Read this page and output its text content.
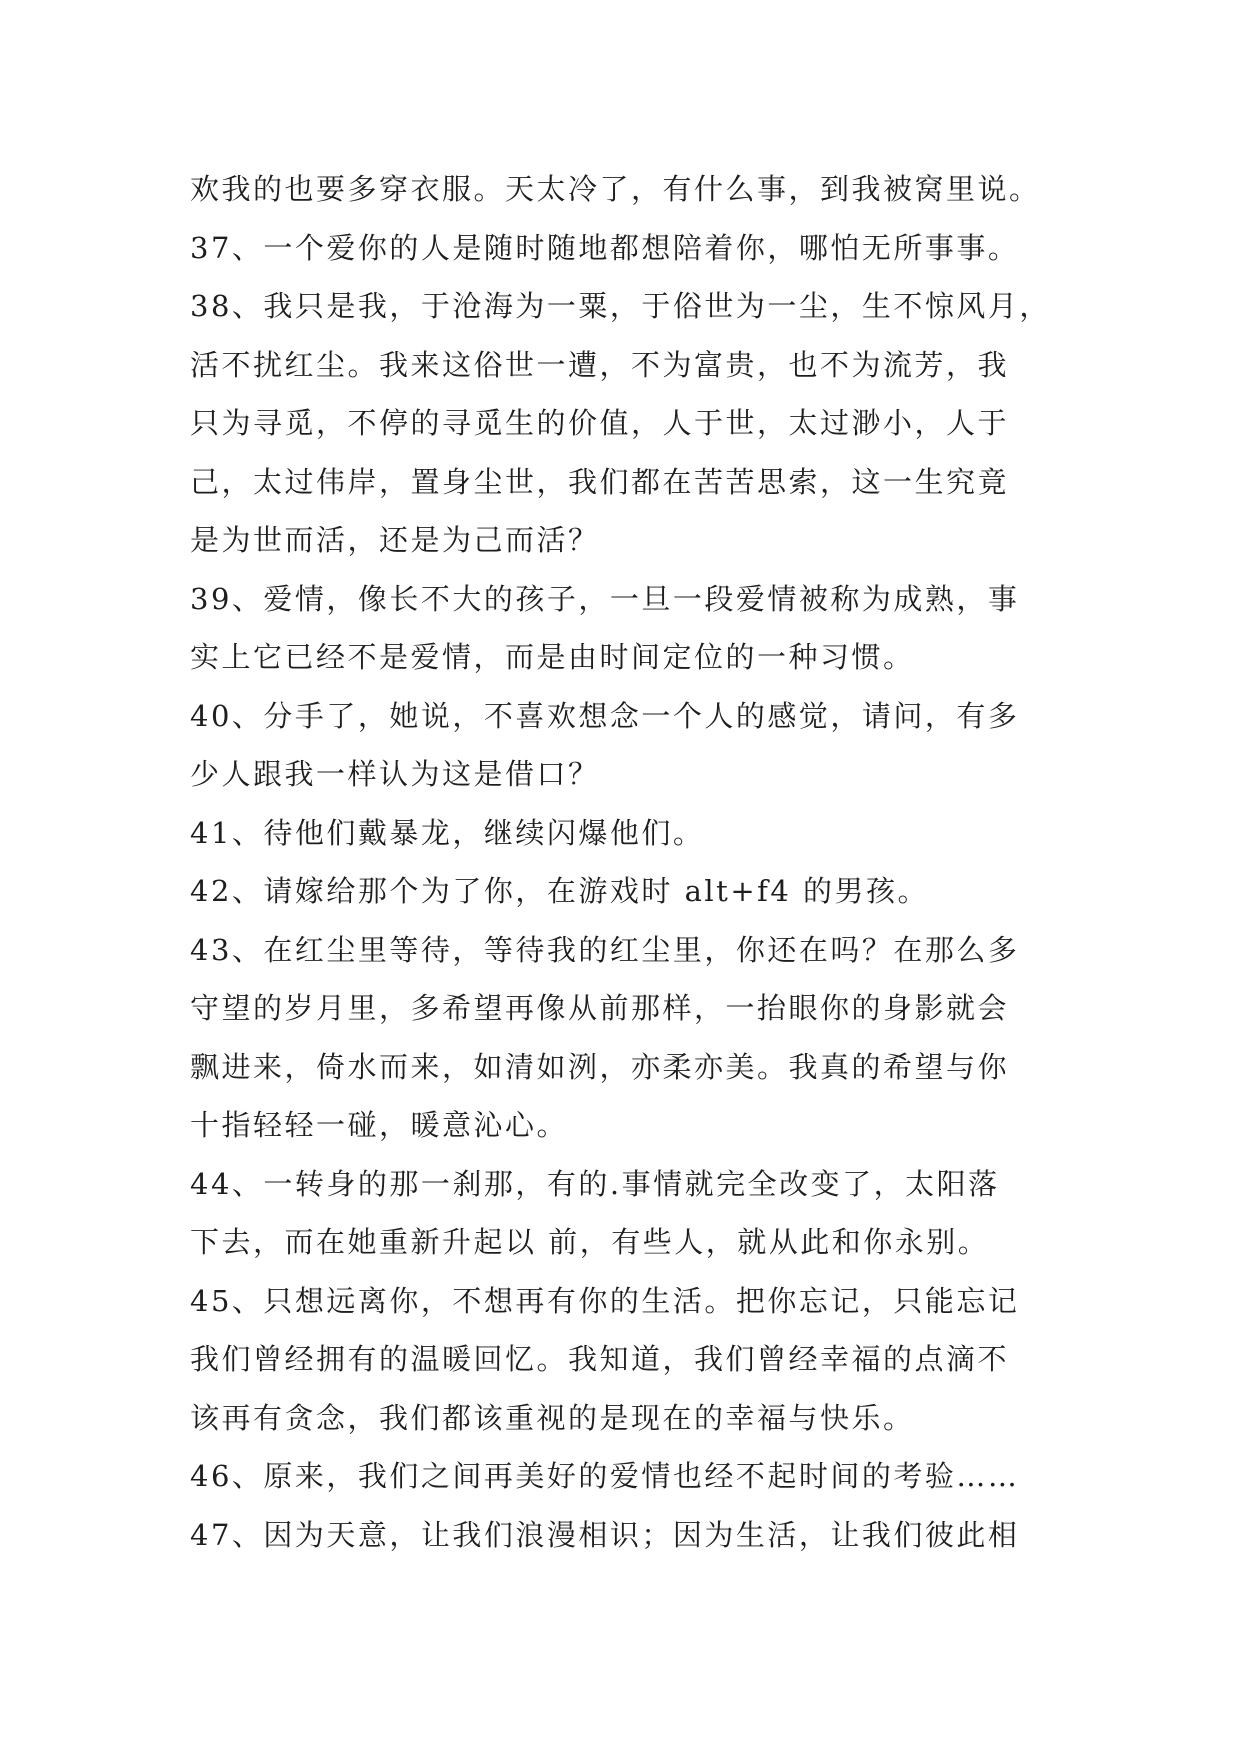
欢我的也要多穿衣服。天太冷了，有什么事，到我被窝里说。
37、一个爱你的人是随时随地都想陪着你，哪怕无所事事。
38、我只是我，于沧海为一粟，于俗世为一尘，生不惊风月，
活不扰红尘。我来这俗世一遭，不为富贵，也不为流芳，我
只为寻觅，不停的寻觅生的价值，人于世，太过渺小，人于
己，太过伟岸，置身尘世，我们都在苦苦思索，这一生究竟
是为世而活，还是为己而活？
39、爱情，像长不大的孩子，一旦一段爱情被称为成熟，事
实上它已经不是爱情，而是由时间定位的一种习惯。
40、分手了，她说，不喜欢想念一个人的感觉，请问，有多
少人跟我一样认为这是借口？
41、待他们戴暴龙，继续闪爆他们。
42、请嫁给那个为了你，在游戏时 alt+f4 的男孩。
43、在红尘里等待，等待我的红尘里，你还在吗？在那么多
守望的岁月里，多希望再像从前那样，一抬眼你的身影就会
飘进来，倚水而来，如清如洌，亦柔亦美。我真的希望与你
十指轻轻一碰，暖意沁心。
44、一转身的那一刹那，有的.事情就完全改变了，太阳落
下去，而在她重新升起以 前，有些人，就从此和你永别。
45、只想远离你，不想再有你的生活。把你忘记，只能忘记
我们曾经拥有的温暖回忆。我知道，我们曾经幸福的点滴不
该再有贪念，我们都该重视的是现在的幸福与快乐。
46、原来，我们之间再美好的爱情也经不起时间的考验……
47、因为天意，让我们浪漫相识；因为生活，让我们彼此相
